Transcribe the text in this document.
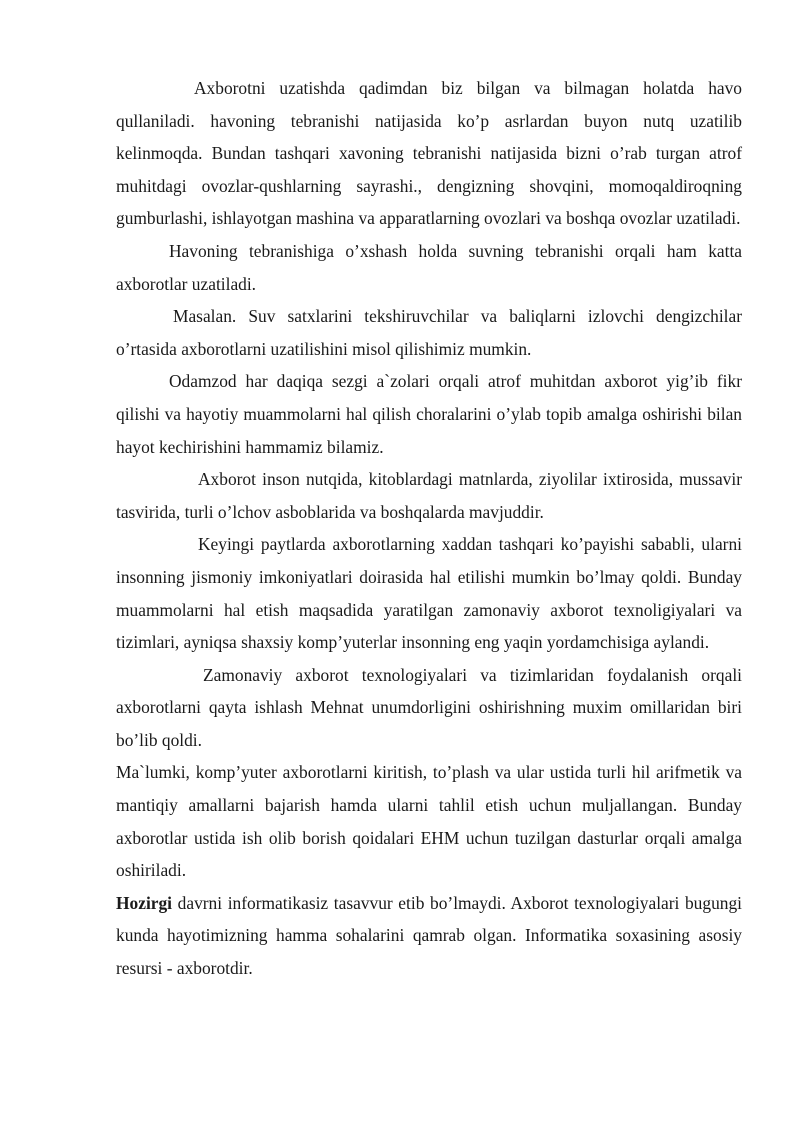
Axborotni uzatishda qadimdan biz bilgan va bilmagan holatda havo qullaniladi. havoning tebranishi natijasida ko’p asrlardan buyon nutq uzatilib kelinmoqda. Bundan tashqari xavoning tebranishi natijasida bizni o’rab turgan atrof muhitdagi ovozlar-qushlarning sayrashi., dengizning shovqini, momoqaldiroqning gumburlashi, ishlayotgan mashina va apparatlarning ovozlari va boshqa ovozlar uzatiladi.

Havoning tebranishiga o’xshash holda suvning tebranishi orqali ham katta axborotlar uzatiladi.

Masalan. Suv satxlarini tekshiruvchilar va baliqlarni izlovchi dengizchilar o’rtasida axborotlarni uzatilishini misol qilishimiz mumkin.

Odamzod har daqiqa sezgi a`zolari orqali atrof muhitdan axborot yig’ib fikr qilishi va hayotiy muammolarni hal qilish choralarini o’ylab topib amalga oshirishi bilan hayot kechirishini hammamiz bilamiz.

Axborot inson nutqida, kitoblardagi matnlarda, ziyolilar ixtirosida, mussavir tasvirida, turli o’lchov asboblarida va boshqalarda mavjuddir.

Keyingi paytlarda axborotlarning xaddan tashqari ko’payishi sababli, ularni insonning jismoniy imkoniyatlari doirasida hal etilishi mumkin bo’lmay qoldi. Bunday muammolarni hal etish maqsadida yaratilgan zamonaviy axborot texnoligiyalari va tizimlari, ayniqsa shaxsiy komp’yuterlar insonning eng yaqin yordamchisiga aylandi.

Zamonaviy axborot texnologiyalari va tizimlaridan foydalanish orqali axborotlarni qayta ishlash Mehnat unumdorligini oshirishning muxim omillaridan biri bo’lib qoldi.

Ma`lumki, komp’yuter axborotlarni kiritish, to’plash va ular ustida turli hil arifmetik va mantiqiy amallarni bajarish hamda ularni tahlil etish uchun muljallangan. Bunday axborotlar ustida ish olib borish qoidalari EHM uchun tuzilgan dasturlar orqali amalga oshiriladi.

Hozirgi davrni informatikasiz tasavvur etib bo’lmaydi. Axborot texnologiyalari bugungi kunda hayotimizning hamma sohalarini qamrab olgan. Informatika soxasining asosiy resursi - axborotdir.
